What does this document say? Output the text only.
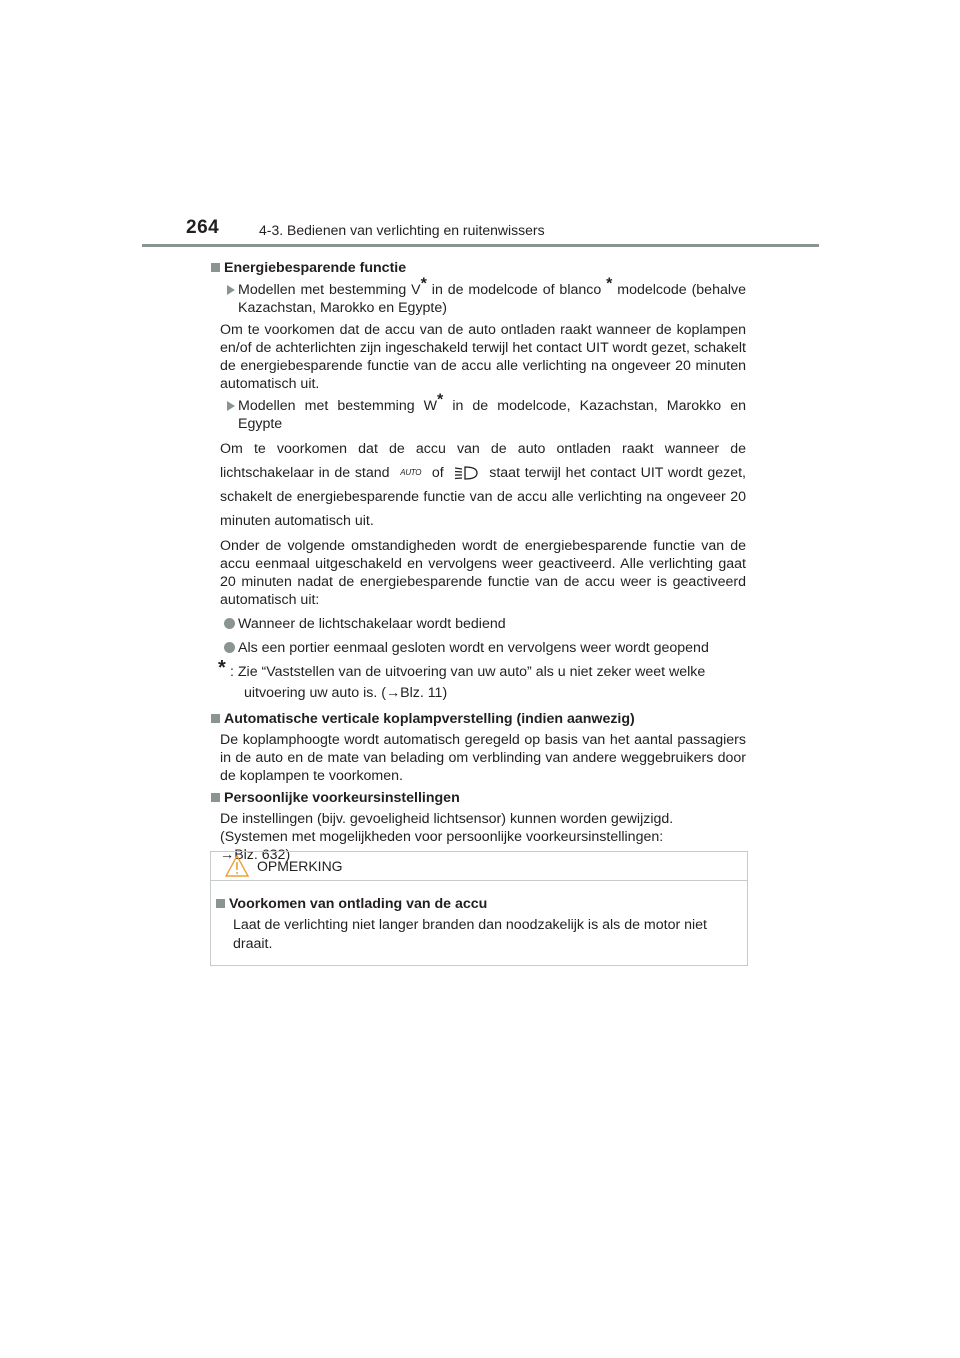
264	4-3. Bedienen van verlichting en ruitenwissers
Energiebesparende functie
Modellen met bestemming V* in de modelcode of blanco * modelcode (behalve Kazachstan, Marokko en Egypte)
Om te voorkomen dat de accu van de auto ontladen raakt wanneer de koplampen en/of de achterlichten zijn ingeschakeld terwijl het contact UIT wordt gezet, schakelt de energiebesparende functie van de accu alle verlichting na ongeveer 20 minuten automatisch uit.
Modellen met bestemming W* in de modelcode, Kazachstan, Marokko en Egypte
Om te voorkomen dat de accu van de auto ontladen raakt wanneer de lichtschakelaar in de stand AUTO of	staat terwijl het contact UIT wordt gezet, schakelt de energiebesparende functie van de accu alle verlichting na ongeveer 20 minuten automatisch uit.
Onder de volgende omstandigheden wordt de energiebesparende functie van de accu eenmaal uitgeschakeld en vervolgens weer geactiveerd. Alle verlichting gaat 20 minuten nadat de energiebesparende functie van de accu weer is geactiveerd automatisch uit:
Wanneer de lichtschakelaar wordt bediend
Als een portier eenmaal gesloten wordt en vervolgens weer wordt geopend
* : Zie “Vaststellen van de uitvoering van uw auto” als u niet zeker weet welke
uitvoering uw auto is. (→Blz. 11)
Automatische verticale koplampverstelling (indien aanwezig)
De koplamphoogte wordt automatisch geregeld op basis van het aantal passagiers in de auto en de mate van belading om verblinding van andere weggebruikers door de koplampen te voorkomen.
Persoonlijke voorkeursinstellingen
De instellingen (bijv. gevoeligheid lichtsensor) kunnen worden gewijzigd.
(Systemen met mogelijkheden voor persoonlijke voorkeursinstellingen:
→Blz. 632)
OPMERKING
Voorkomen van ontlading van de accu
Laat de verlichting niet langer branden dan noodzakelijk is als de motor niet draait.
